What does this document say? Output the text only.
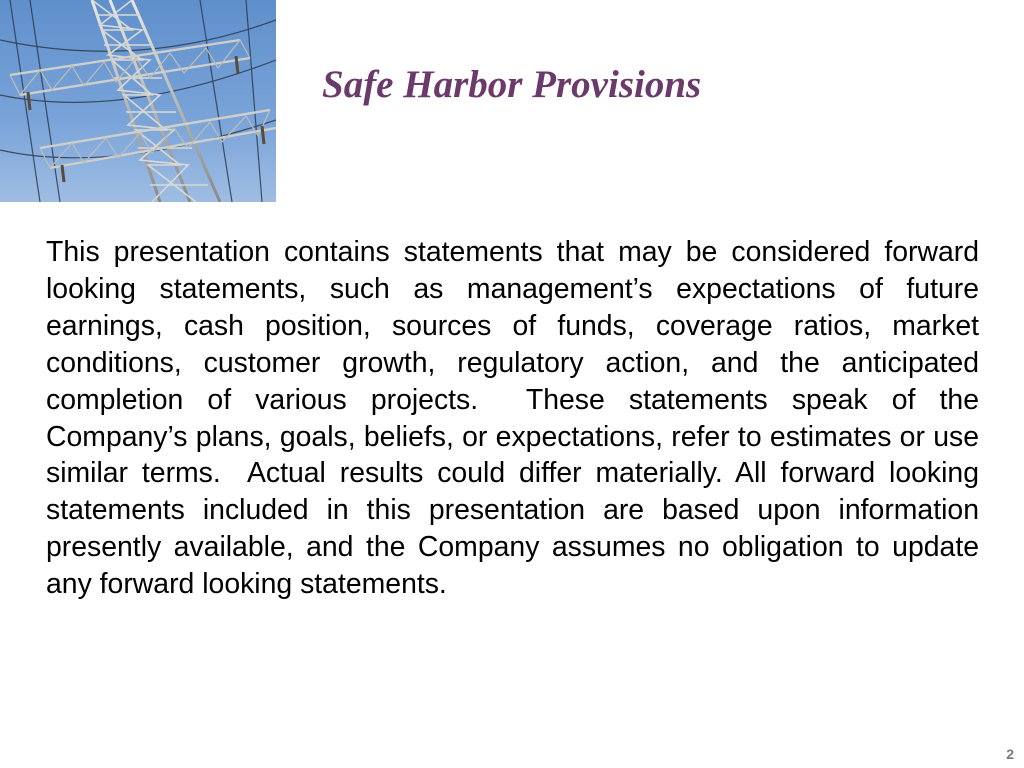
Safe Harbor Provisions

This presentation contains statements that may be considered forward looking statements, such as management’s expectations of future earnings, cash position, sources of funds, coverage ratios, market conditions, customer growth, regulatory action, and the anticipated completion of various projects.  These statements speak of the Company’s plans, goals, beliefs, or expectations, refer to estimates or use similar terms.  Actual results could differ materially. All forward looking statements included in this presentation are based upon information presently available, and the Company assumes no obligation to update any forward looking statements.

2
